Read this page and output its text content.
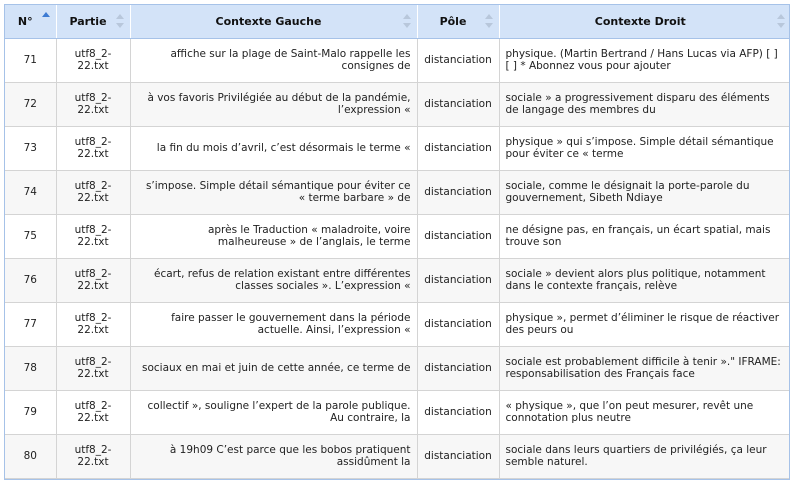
N°	Partie	Contexte Gauche	Pôle	Contexte Droit

71	utf8_2-22.txt	affiche sur la plage de Saint-Malo rappelle les consignes de	distanciation	physique. (Martin Bertrand / Hans Lucas via AFP) [ ] [ ] * Abonnez vous pour ajouter
72	utf8_2-22.txt	à vos favoris Privilégiée au début de la pandémie, l’expression «	distanciation	sociale » a progressivement disparu des éléments de langage des membres du
73	utf8_2-22.txt	la fin du mois d’avril, c’est désormais le terme «	distanciation	physique » qui s’impose. Simple détail sémantique pour éviter ce « terme
74	utf8_2-22.txt	s’impose. Simple détail sémantique pour éviter ce « terme barbare » de	distanciation	sociale, comme le désignait la porte-parole du gouvernement, Sibeth Ndiaye
75	utf8_2-22.txt	après le Traduction « maladroite, voire malheureuse » de l’anglais, le terme	distanciation	ne désigne pas, en français, un écart spatial, mais trouve son
76	utf8_2-22.txt	écart, refus de relation existant entre différentes classes sociales ». L’expression «	distanciation	sociale » devient alors plus politique, notamment dans le contexte français, relève
77	utf8_2-22.txt	faire passer le gouvernement dans la période actuelle. Ainsi, l’expression «	distanciation	physique », permet d’éliminer le risque de réactiver des peurs ou
78	utf8_2-22.txt	sociaux en mai et juin de cette année, ce terme de	distanciation	sociale est probablement difficile à tenir »." IFRAME: responsabilisation des Français face
79	utf8_2-22.txt	collectif », souligne l’expert de la parole publique. Au contraire, la	distanciation	« physique », que l’on peut mesurer, revêt une connotation plus neutre
80	utf8_2-22.txt	à 19h09 C’est parce que les bobos pratiquent assidûment la	distanciation	sociale dans leurs quartiers de privilégiés, ça leur semble naturel.
